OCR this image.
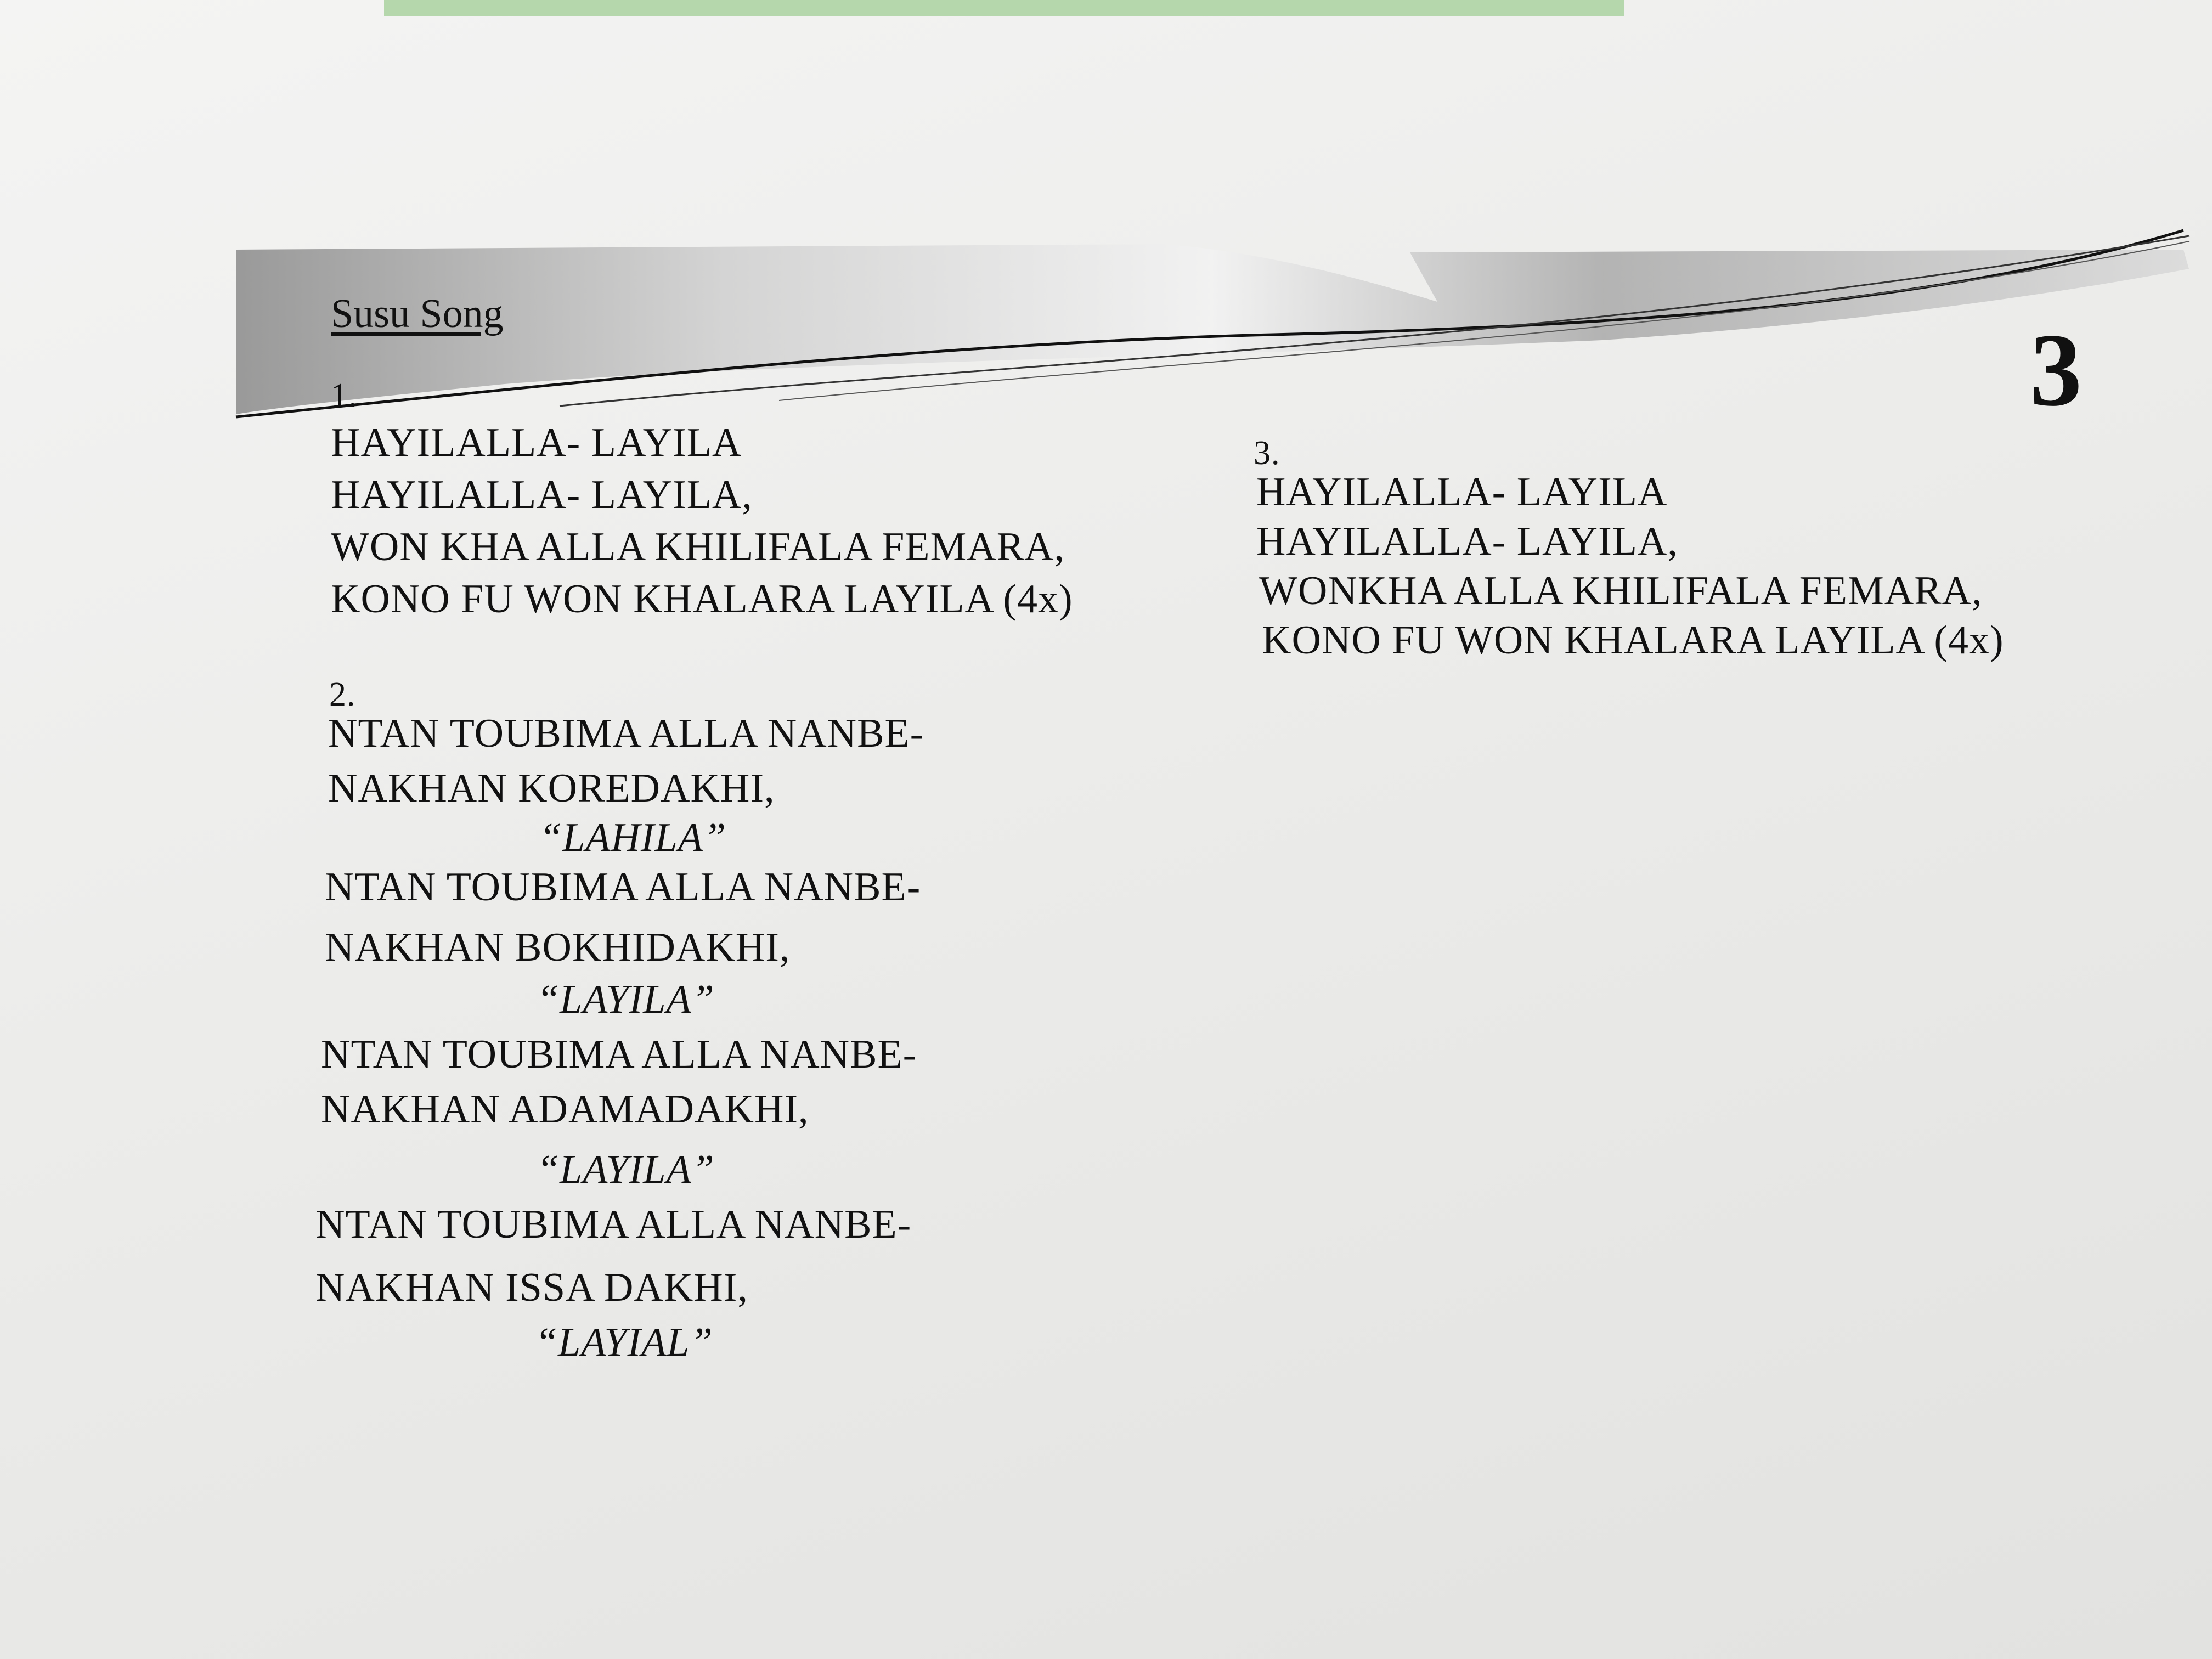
Susu Song	3
1.
HAYILALLA- LAYILA
HAYILALLA- LAYILA,
WON KHA ALLA KHILIFALA FEMARA,
KONO FU WON KHALARA LAYILA (4x)
2.
NTAN TOUBIMA ALLA NANBE-
NAKHAN KOREDAKHI,
“LAHILA”
NTAN TOUBIMA ALLA NANBE-
NAKHAN BOKHIDAKHI,
“LAYILA”
NTAN TOUBIMA ALLA NANBE-
NAKHAN ADAMADAKHI,
“LAYILA”
NTAN TOUBIMA ALLA NANBE-
NAKHAN ISSA DAKHI,
“LAYIAL”
3.
HAYILALLA- LAYILA
HAYILALLA- LAYILA,
WONKHA ALLA KHILIFALA FEMARA,
KONO FU WON KHALARA LAYILA (4x)
